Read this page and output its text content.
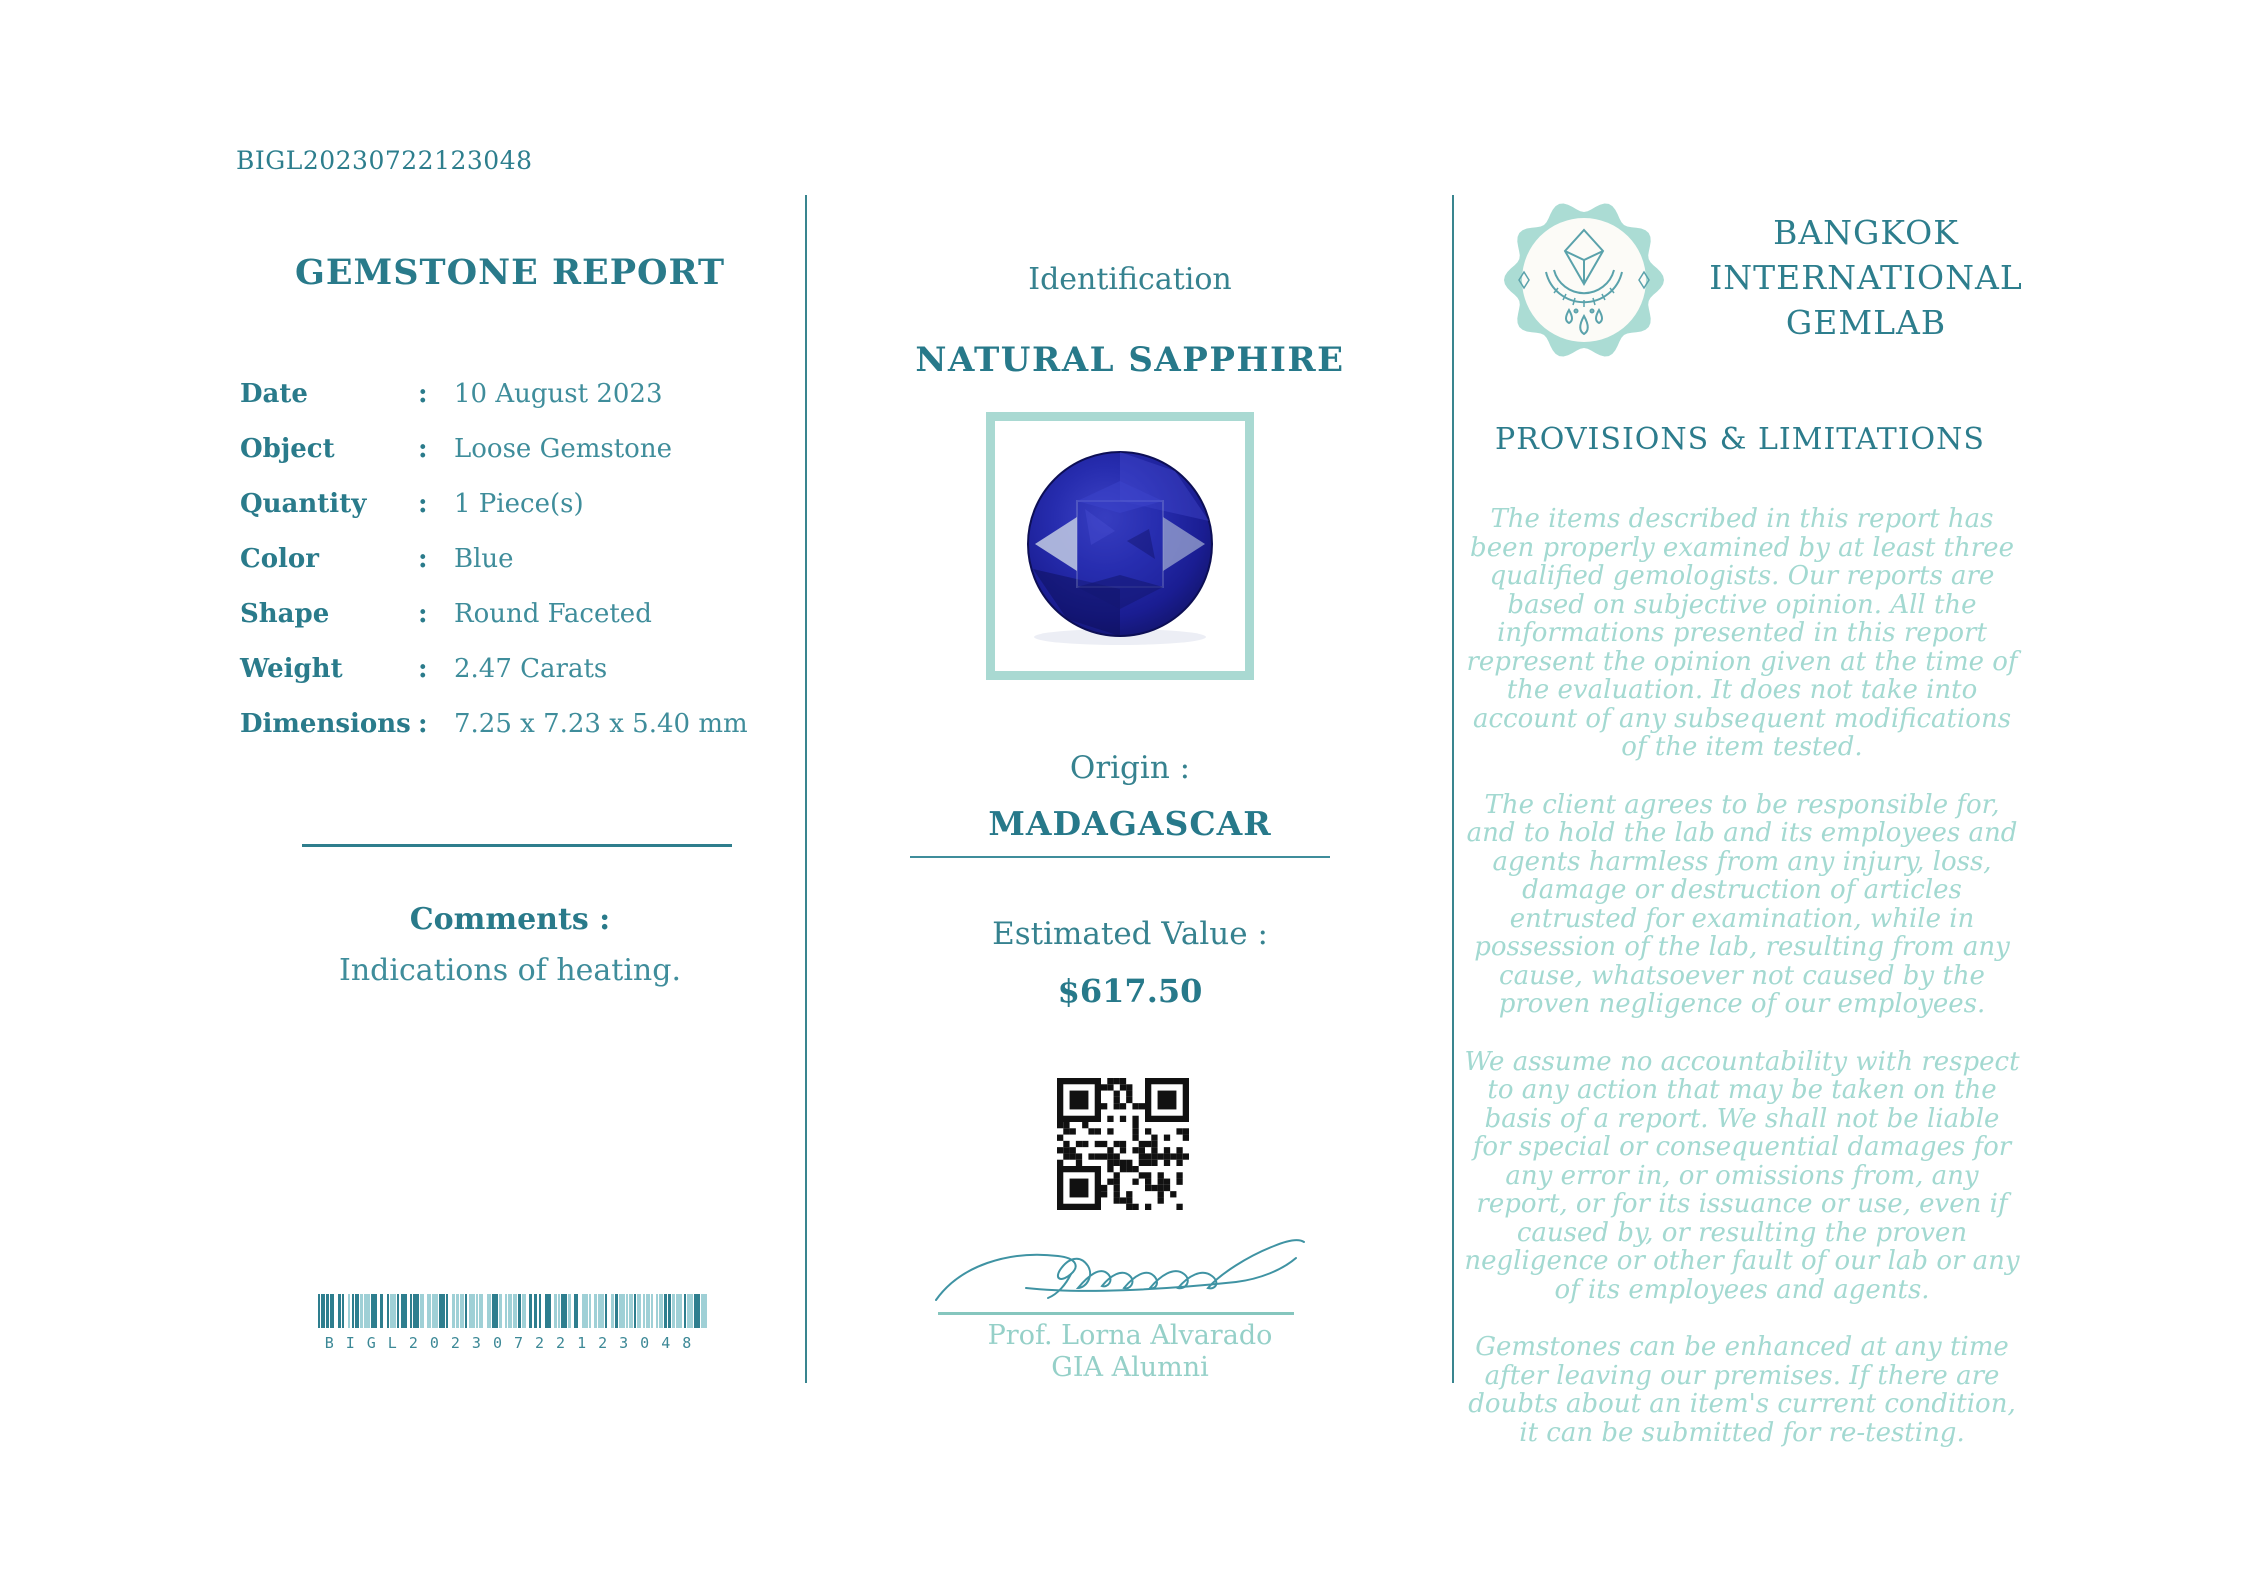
BIGL20230722123048
GEMSTONE REPORT
Date	:	10 August 2023
Object	:	Loose Gemstone
Quantity	:	1 Piece(s)
Color	:	Blue
Shape	:	Round Faceted
Weight	:	2.47 Carats
Dimensions :	7.25 x 7.23 x 5.40 mm
Comments :
Indications of heating.
BIGL20230722123048
Identification
NATURAL SAPPHIRE
Origin :
MADAGASCAR
Estimated Value :
$617.50
Prof. Lorna Alvarado
GIA Alumni
BANGKOK
INTERNATIONAL
GEMLAB
PROVISIONS & LIMITATIONS

The items described in this report has been properly examined by at least three qualified gemologists. Our reports are based on subjective opinion. All the informations presented in this report represent the opinion given at the time of the evaluation. It does not take into account of any subsequent modifications of the item tested.

The client agrees to be responsible for, and to hold the lab and its employees and agents harmless from any injury, loss, damage or destruction of articles entrusted for examination, while in possession of the lab, resulting from any cause, whatsoever not caused by the proven negligence of our employees.

We assume no accountability with respect to any action that may be taken on the basis of a report. We shall not be liable for special or consequential damages for any error in, or omissions from, any report, or for its issuance or use, even if caused by, or resulting the proven negligence or other fault of our lab or any of its employees and agents.

Gemstones can be enhanced at any time after leaving our premises. If there are doubts about an item's current condition, it can be submitted for re-testing.
